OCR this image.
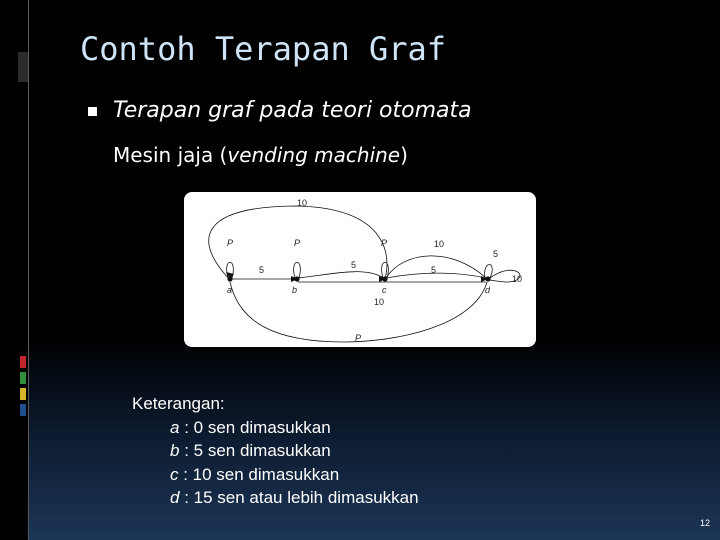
Contoh Terapan Graf
Terapan graf pada teori otomata
Mesin jaja (vending machine)
a	b	c	d
10
5	5	5
10
10
P
P	P	P
5
10
Keterangan:
a : 0 sen dimasukkan
b : 5 sen dimasukkan
c : 10 sen dimasukkan
d : 15 sen atau lebih dimasukkan
12
